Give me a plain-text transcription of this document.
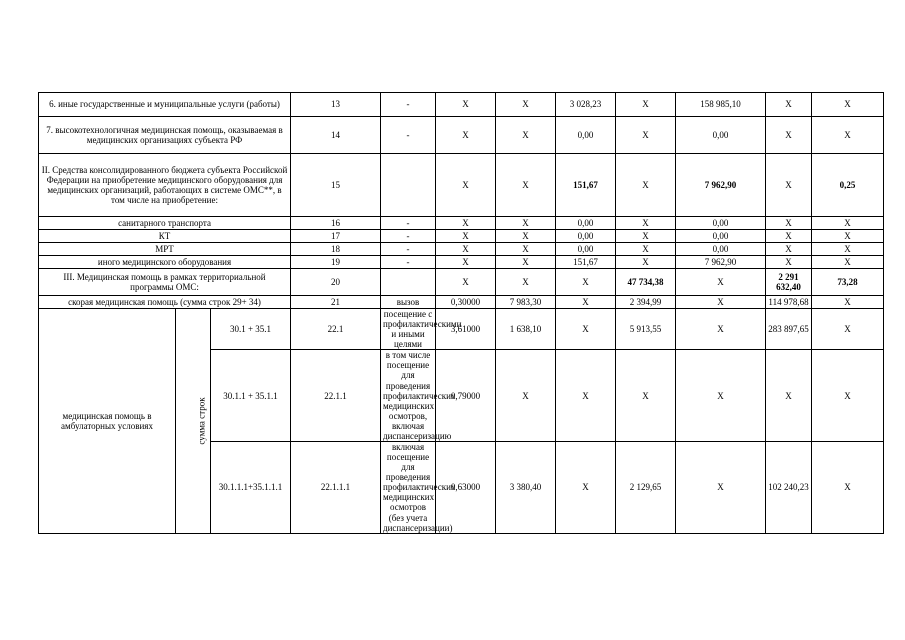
6. иные государственные и муниципальные услуги (работы)			13	-	Х	Х	3 028,23	Х	158 985,10	Х	Х
7. высокотехнологичная медицинская помощь, оказываемая в медицинских организациях субъекта РФ			14	-	Х	Х	0,00	Х	0,00	Х	Х
II. Средства консолидированного бюджета субъекта Российской Федерации на приобретение медицинского оборудования для медицинских организаций, работающих в системе ОМС**, в том числе на приобретение:			15		Х	Х	151,67	Х	7 962,90	Х	0,25
санитарного транспорта			16	-	Х	Х	0,00	Х	0,00	Х	Х
КТ			17	-	Х	Х	0,00	Х	0,00	Х	Х
МРТ			18	-	Х	Х	0,00	Х	0,00	Х	Х
иного медицинского оборудования			19	-	Х	Х	151,67	Х	7 962,90	Х	Х
III. Медицинская помощь в рамках территориальной программы ОМС:			20		Х	Х	Х	47 734,38	Х	2 291 632,40	73,28
скорая медицинская помощь (сумма строк 29+ 34)			21	вызов	0,30000	7 983,30	Х	2 394,99	Х	114 978,68	Х
медицинская помощь в амбулаторных условиях	сумма строк	30.1 + 35.1	22.1	посещение с профилактическими и иными целями	3,61000	1 638,10	Х	5 913,55	Х	283 897,65	Х
		30.1.1 + 35.1.1	22.1.1	в том числе посещение для проведения профилактических медицинских осмотров, включая диспансеризацию	0,79000	Х	Х	Х	Х	Х	Х
		30.1.1.1+35.1.1.1	22.1.1.1	включая посещение для проведения профилактических медицинских осмотров (без учета диспансеризации)	0,63000	3 380,40	Х	2 129,65	Х	102 240,23	Х
